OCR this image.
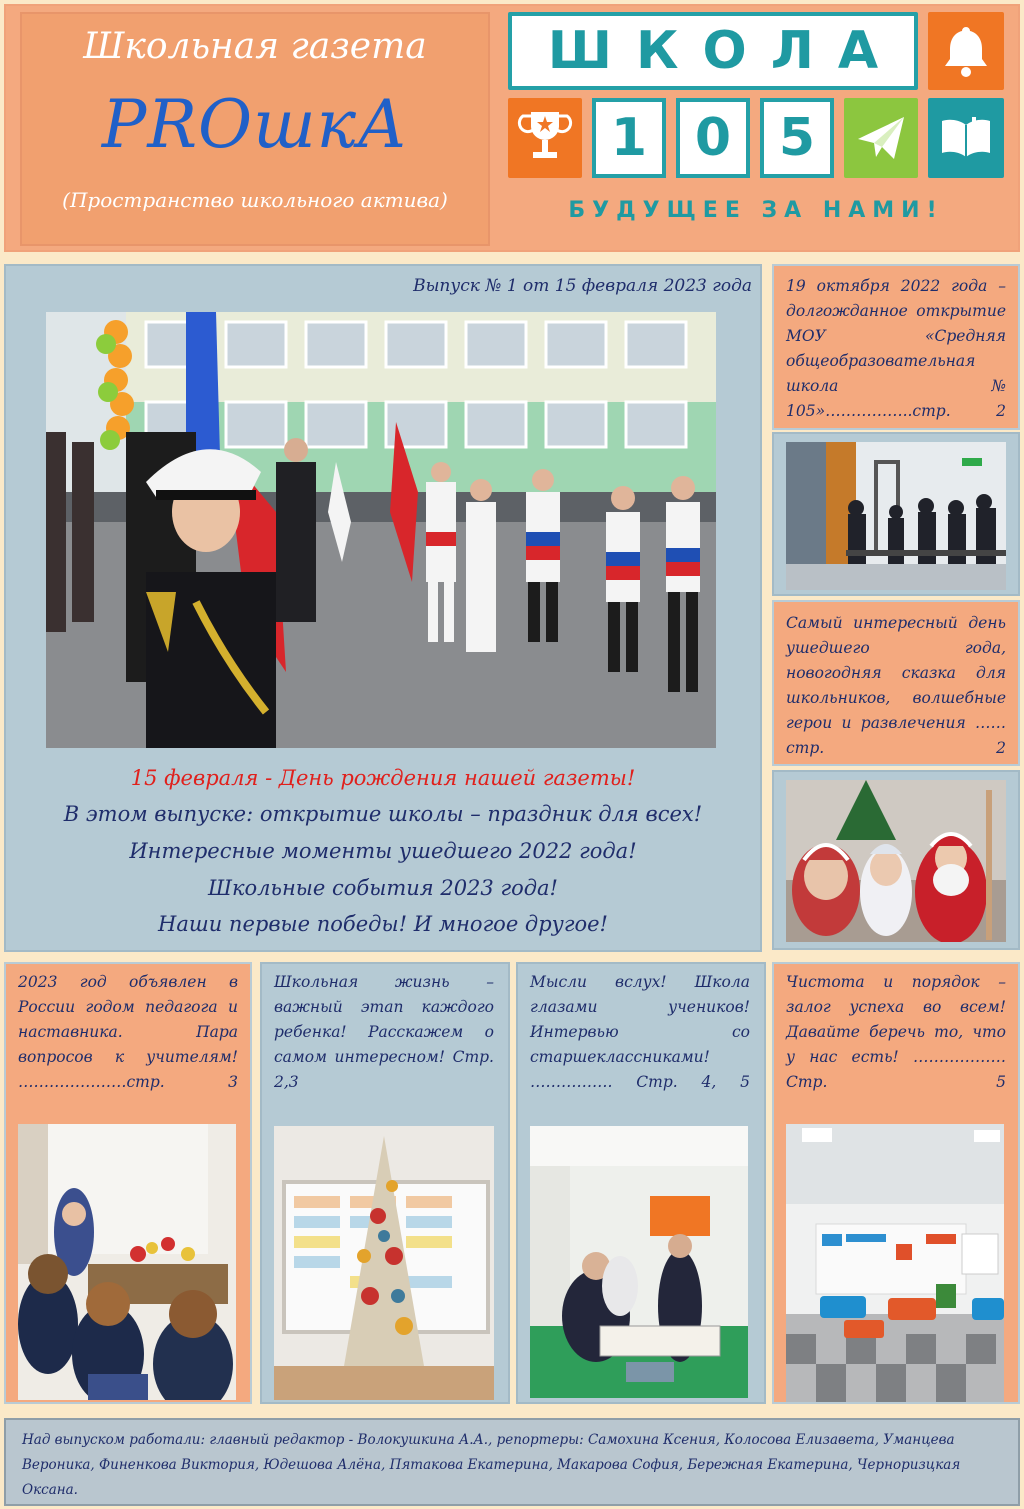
Школьная газета
PROшкА
(Пространство школьного актива)
ШКОЛА
1 0 5
БУДУЩЕЕ ЗА НАМИ!
Выпуск № 1 от 15 февраля 2023 года
15 февраля - День рождения нашей газеты!
В этом выпуске: открытие школы – праздник для всех!
Интересные моменты ушедшего 2022 года!
Школьные события 2023 года!
Наши первые победы! И многое другое!
19 октября 2022 года – долгожданное открытие МОУ «Средняя общеобразовательная школа № 105»……………..стр. 2
Самый интересный день ушедшего года, новогодняя сказка для школьников, волшебные герои и развлечения ……стр. 2
2023 год объявлен в России годом педагога и наставника. Пара вопросов к учителям! …………………стр. 3
Школьная жизнь – важный этап каждого ребенка! Расскажем о самом интересном! Стр. 2,3
Мысли вслух! Школа глазами учеников! Интервью со старшеклассниками! ……………. Стр. 4, 5
Чистота и порядок – залог успеха во всем! Давайте беречь то, что у нас есть! ………………Стр. 5
Над выпуском работали: главный редактор - Волокушкина А.А., репортеры: Самохина Ксения, Колосова Елизавета, Уманцева Вероника, Финенкова Виктория, Юдешова Алёна, Пятакова Екатерина, Макарова София, Бережная Екатерина, Черноризцкая Оксана.
